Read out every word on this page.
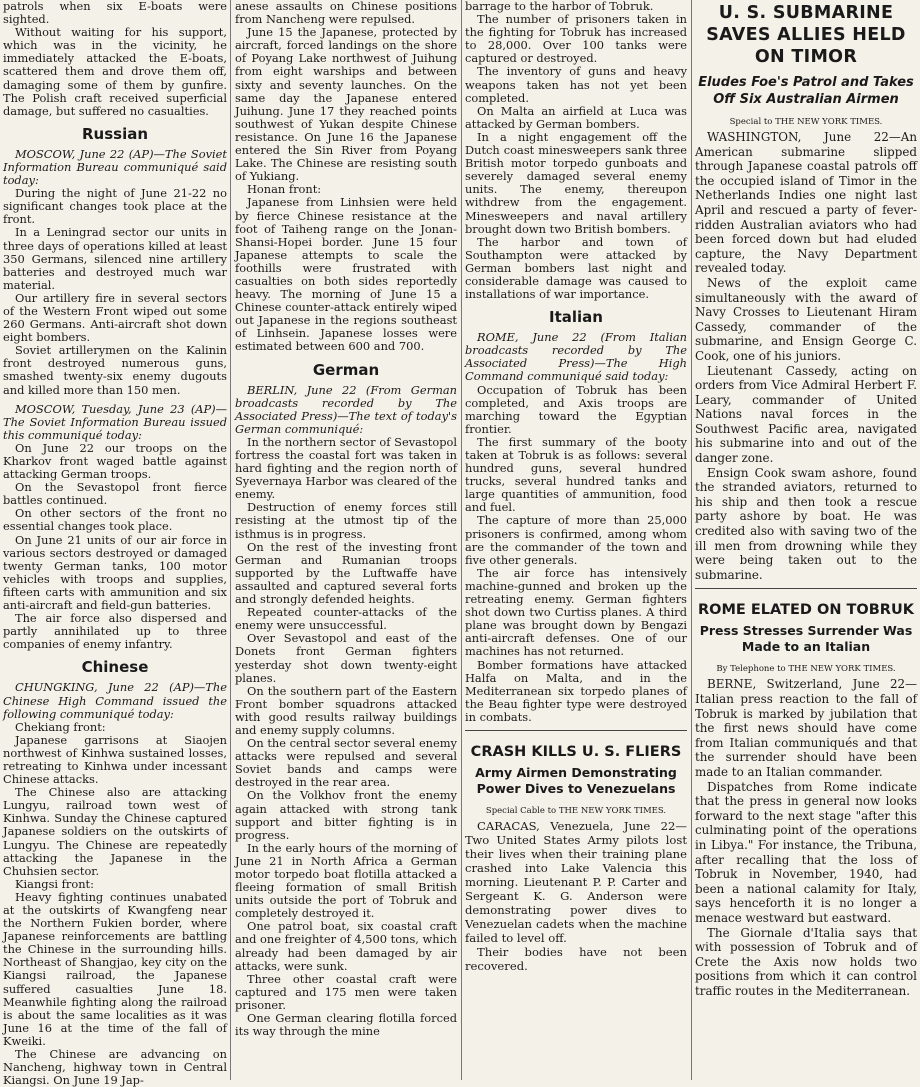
patrols when six E-boats were sighted.

Without waiting for his support, which was in the vicinity, he immediately attacked the E-boats, scattered them and drove them off, damaging some of them by gunfire. The Polish craft received superficial damage, but suffered no casualties.

Russian

MOSCOW, June 22 (AP)—The Soviet Information Bureau communiqué said today:

During the night of June 21-22 no significant changes took place at the front.

In a Leningrad sector our units in three days of operations killed at least 350 Germans, silenced nine artillery batteries and destroyed much war material.

Our artillery fire in several sectors of the Western Front wiped out some 260 Germans. Anti-aircraft shot down eight bombers.

Soviet artillerymen on the Kalinin front destroyed numerous guns, smashed twenty-six enemy dugouts and killed more than 150 men.

MOSCOW, Tuesday, June 23 (AP)—The Soviet Information Bureau issued this communiqué today:

On June 22 our troops on the Kharkov front waged battle against attacking German troops.

On the Sevastopol front fierce battles continued.

On other sectors of the front no essential changes took place.

On June 21 units of our air force in various sectors destroyed or damaged twenty German tanks, 100 motor vehicles with troops and supplies, fifteen carts with ammunition and six anti-aircraft and field-gun batteries.

The air force also dispersed and partly annihilated up to three companies of enemy infantry.

Chinese

CHUNGKING, June 22 (AP)—The Chinese High Command issued the following communiqué today:

Chekiang front:

Japanese garrisons at Siaojen northwest of Kinhwa sustained losses, retreating to Kinhwa under incessant Chinese attacks.

The Chinese also are attacking Lungyu, railroad town west of Kinhwa. Sunday the Chinese captured Japanese soldiers on the outskirts of Lungyu. The Chinese are repeatedly attacking the Japanese in the Chuhsien sector.

Kiangsi front:

Heavy fighting continues unabated at the outskirts of Kwangfeng near the Northern Fukien border, where Japanese reinforcements are battling the Chinese in the surrounding hills. Northeast of Shangjao, key city on the Kiangsi railroad, the Japanese suffered casualties June 18. Meanwhile fighting along the railroad is about the same localities as it was June 16 at the time of the fall of Kweiki.

The Chinese are advancing on Nancheng, highway town in Central Kiangsi. On June 19 Jap-

anese assaults on Chinese positions from Nancheng were repulsed.

June 15 the Japanese, protected by aircraft, forced landings on the shore of Poyang Lake northwest of Juihung from eight warships and between sixty and seventy launches. On the same day the Japanese entered Juihung. June 17 they reached points southwest of Yukan despite Chinese resistance. On June 16 the Japanese entered the Sin River from Poyang Lake. The Chinese are resisting south of Yukiang.

Honan front:

Japanese from Linhsien were held by fierce Chinese resistance at the foot of Taiheng range on the Jonan-Shansi-Hopei border. June 15 four Japanese attempts to scale the foothills were frustrated with casualties on both sides reportedly heavy. The morning of June 15 a Chinese counter-attack entirely wiped out Japanese in the regions southeast of Linhsein. Japanese losses were estimated between 600 and 700.

German

BERLIN, June 22 (From German broadcasts recorded by The Associated Press)—The text of today's German communiqué:

In the northern sector of Sevastopol fortress the coastal fort was taken in hard fighting and the region north of Syevernaya Harbor was cleared of the enemy.

Destruction of enemy forces still resisting at the utmost tip of the isthmus is in progress.

On the rest of the investing front German and Rumanian troops supported by the Luftwaffe have assaulted and captured several forts and strongly defended heights.

Repeated counter-attacks of the enemy were unsuccessful.

Over Sevastopol and east of the Donets front German fighters yesterday shot down twenty-eight planes.

On the southern part of the Eastern Front bomber squadrons attacked with good results railway buildings and enemy supply columns.

On the central sector several enemy attacks were repulsed and several Soviet bands and camps were destroyed in the rear area.

On the Volkhov front the enemy again attacked with strong tank support and bitter fighting is in progress.

In the early hours of the morning of June 21 in North Africa a German motor torpedo boat flotilla attacked a fleeing formation of small British units outside the port of Tobruk and completely destroyed it.

One patrol boat, six coastal craft and one freighter of 4,500 tons, which already had been damaged by air attacks, were sunk.

Three other coastal craft were captured and 175 men were taken prisoner.

One German clearing flotilla forced its way through the mine

barrage to the harbor of Tobruk.

The number of prisoners taken in the fighting for Tobruk has increased to 28,000. Over 100 tanks were captured or destroyed.

The inventory of guns and heavy weapons taken has not yet been completed.

On Malta an airfield at Luca was attacked by German bombers.

In a night engagement off the Dutch coast minesweepers sank three British motor torpedo gunboats and severely damaged several enemy units. The enemy, thereupon withdrew from the engagement. Minesweepers and naval artillery brought down two British bombers.

The harbor and town of Southampton were attacked by German bombers last night and considerable damage was caused to installations of war importance.

Italian

ROME, June 22 (From Italian broadcasts recorded by The Associated Press)—The High Command communiqué said today:

Occupation of Tobruk has been completed, and Axis troops are marching toward the Egyptian frontier.

The first summary of the booty taken at Tobruk is as follows: several hundred guns, several hundred trucks, several hundred tanks and large quantities of ammunition, food and fuel.

The capture of more than 25,000 prisoners is confirmed, among whom are the commander of the town and five other generals.

The air force has intensively machine-gunned and broken up the retreating enemy. German fighters shot down two Curtiss planes. A third plane was brought down by Bengazi anti-aircraft defenses. One of our machines has not returned.

Bomber formations have attacked Halfa on Malta, and in the Mediterranean six torpedo planes of the Beau fighter type were destroyed in combats.

CRASH KILLS U. S. FLIERS
Army Airmen Demonstrating Power Dives to Venezuelans
Special Cable to THE NEW YORK TIMES.

CARACAS, Venezuela, June 22—Two United States Army pilots lost their lives when their training plane crashed into Lake Valencia this morning. Lieutenant P. P. Carter and Sergeant K. G. Anderson were demonstrating power dives to Venezuelan cadets when the machine failed to level off.

Their bodies have not been recovered.

U. S. SUBMARINE SAVES ALLIES HELD ON TIMOR
Eludes Foe's Patrol and Takes Off Six Australian Airmen
Special to THE NEW YORK TIMES.

WASHINGTON, June 22—An American submarine slipped through Japanese coastal patrols off the occupied island of Timor in the Netherlands Indies one night last April and rescued a party of fever-ridden Australian aviators who had been forced down but had eluded capture, the Navy Department revealed today.

News of the exploit came simultaneously with the award of Navy Crosses to Lieutenant Hiram Cassedy, commander of the submarine, and Ensign George C. Cook, one of his juniors.

Lieutenant Cassedy, acting on orders from Vice Admiral Herbert F. Leary, commander of United Nations naval forces in the Southwest Pacific area, navigated his submarine into and out of the danger zone.

Ensign Cook swam ashore, found the stranded aviators, returned to his ship and then took a rescue party ashore by boat. He was credited also with saving two of the ill men from drowning while they were being taken out to the submarine.

ROME ELATED ON TOBRUK
Press Stresses Surrender Was Made to an Italian
By Telephone to THE NEW YORK TIMES.

BERNE, Switzerland, June 22—Italian press reaction to the fall of Tobruk is marked by jubilation that the first news should have come from Italian communiqués and that the surrender should have been made to an Italian commander.

Dispatches from Rome indicate that the press in general now looks forward to the next stage "after this culminating point of the operations in Libya." For instance, the Tribuna, after recalling that the loss of Tobruk in November, 1940, had been a national calamity for Italy, says henceforth it is no longer a menace westward but eastward.

The Giornale d'Italia says that with possession of Tobruk and of Crete the Axis now holds two positions from which it can control traffic routes in the Mediterranean.
